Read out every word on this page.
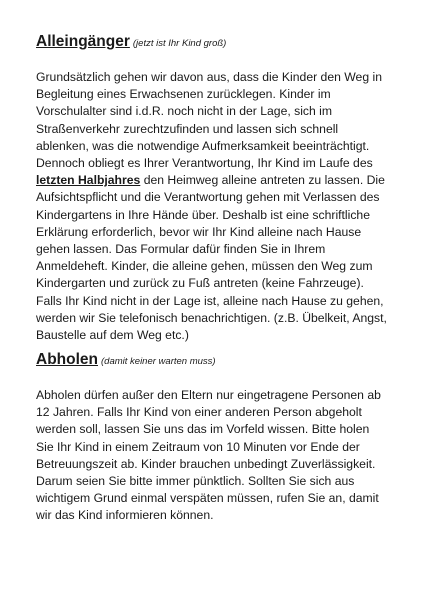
Alleingänger (jetzt ist Ihr Kind groß)

Grundsätzlich gehen wir davon aus, dass die Kinder den Weg in
Begleitung eines Erwachsenen zurücklegen. Kinder im
Vorschulalter sind i.d.R. noch nicht in der Lage, sich im
Straßenverkehr zurechtzufinden und lassen sich schnell
ablenken, was die notwendige Aufmerksamkeit beeinträchtigt.
Dennoch obliegt es Ihrer Verantwortung, Ihr Kind im Laufe des
letzten Halbjahres den Heimweg alleine antreten zu lassen. Die
Aufsichtspflicht und die Verantwortung gehen mit Verlassen des
Kindergartens in Ihre Hände über. Deshalb ist eine schriftliche
Erklärung erforderlich, bevor wir Ihr Kind alleine nach Hause
gehen lassen. Das Formular dafür finden Sie in Ihrem
Anmeldeheft. Kinder, die alleine gehen, müssen den Weg zum
Kindergarten und zurück zu Fuß antreten (keine Fahrzeuge).
Falls Ihr Kind nicht in der Lage ist, alleine nach Hause zu gehen,
werden wir Sie telefonisch benachrichtigen. (z.B. Übelkeit, Angst,
Baustelle auf dem Weg etc.)

Abholen (damit keiner warten muss)

Abholen dürfen außer den Eltern nur eingetragene Personen ab
12 Jahren. Falls Ihr Kind von einer anderen Person abgeholt
werden soll, lassen Sie uns das im Vorfeld wissen. Bitte holen
Sie Ihr Kind in einem Zeitraum von 10 Minuten vor Ende der
Betreuungszeit ab. Kinder brauchen unbedingt Zuverlässigkeit.
Darum seien Sie bitte immer pünktlich. Sollten Sie sich aus
wichtigem Grund einmal verspäten müssen, rufen Sie an, damit
wir das Kind informieren können.
